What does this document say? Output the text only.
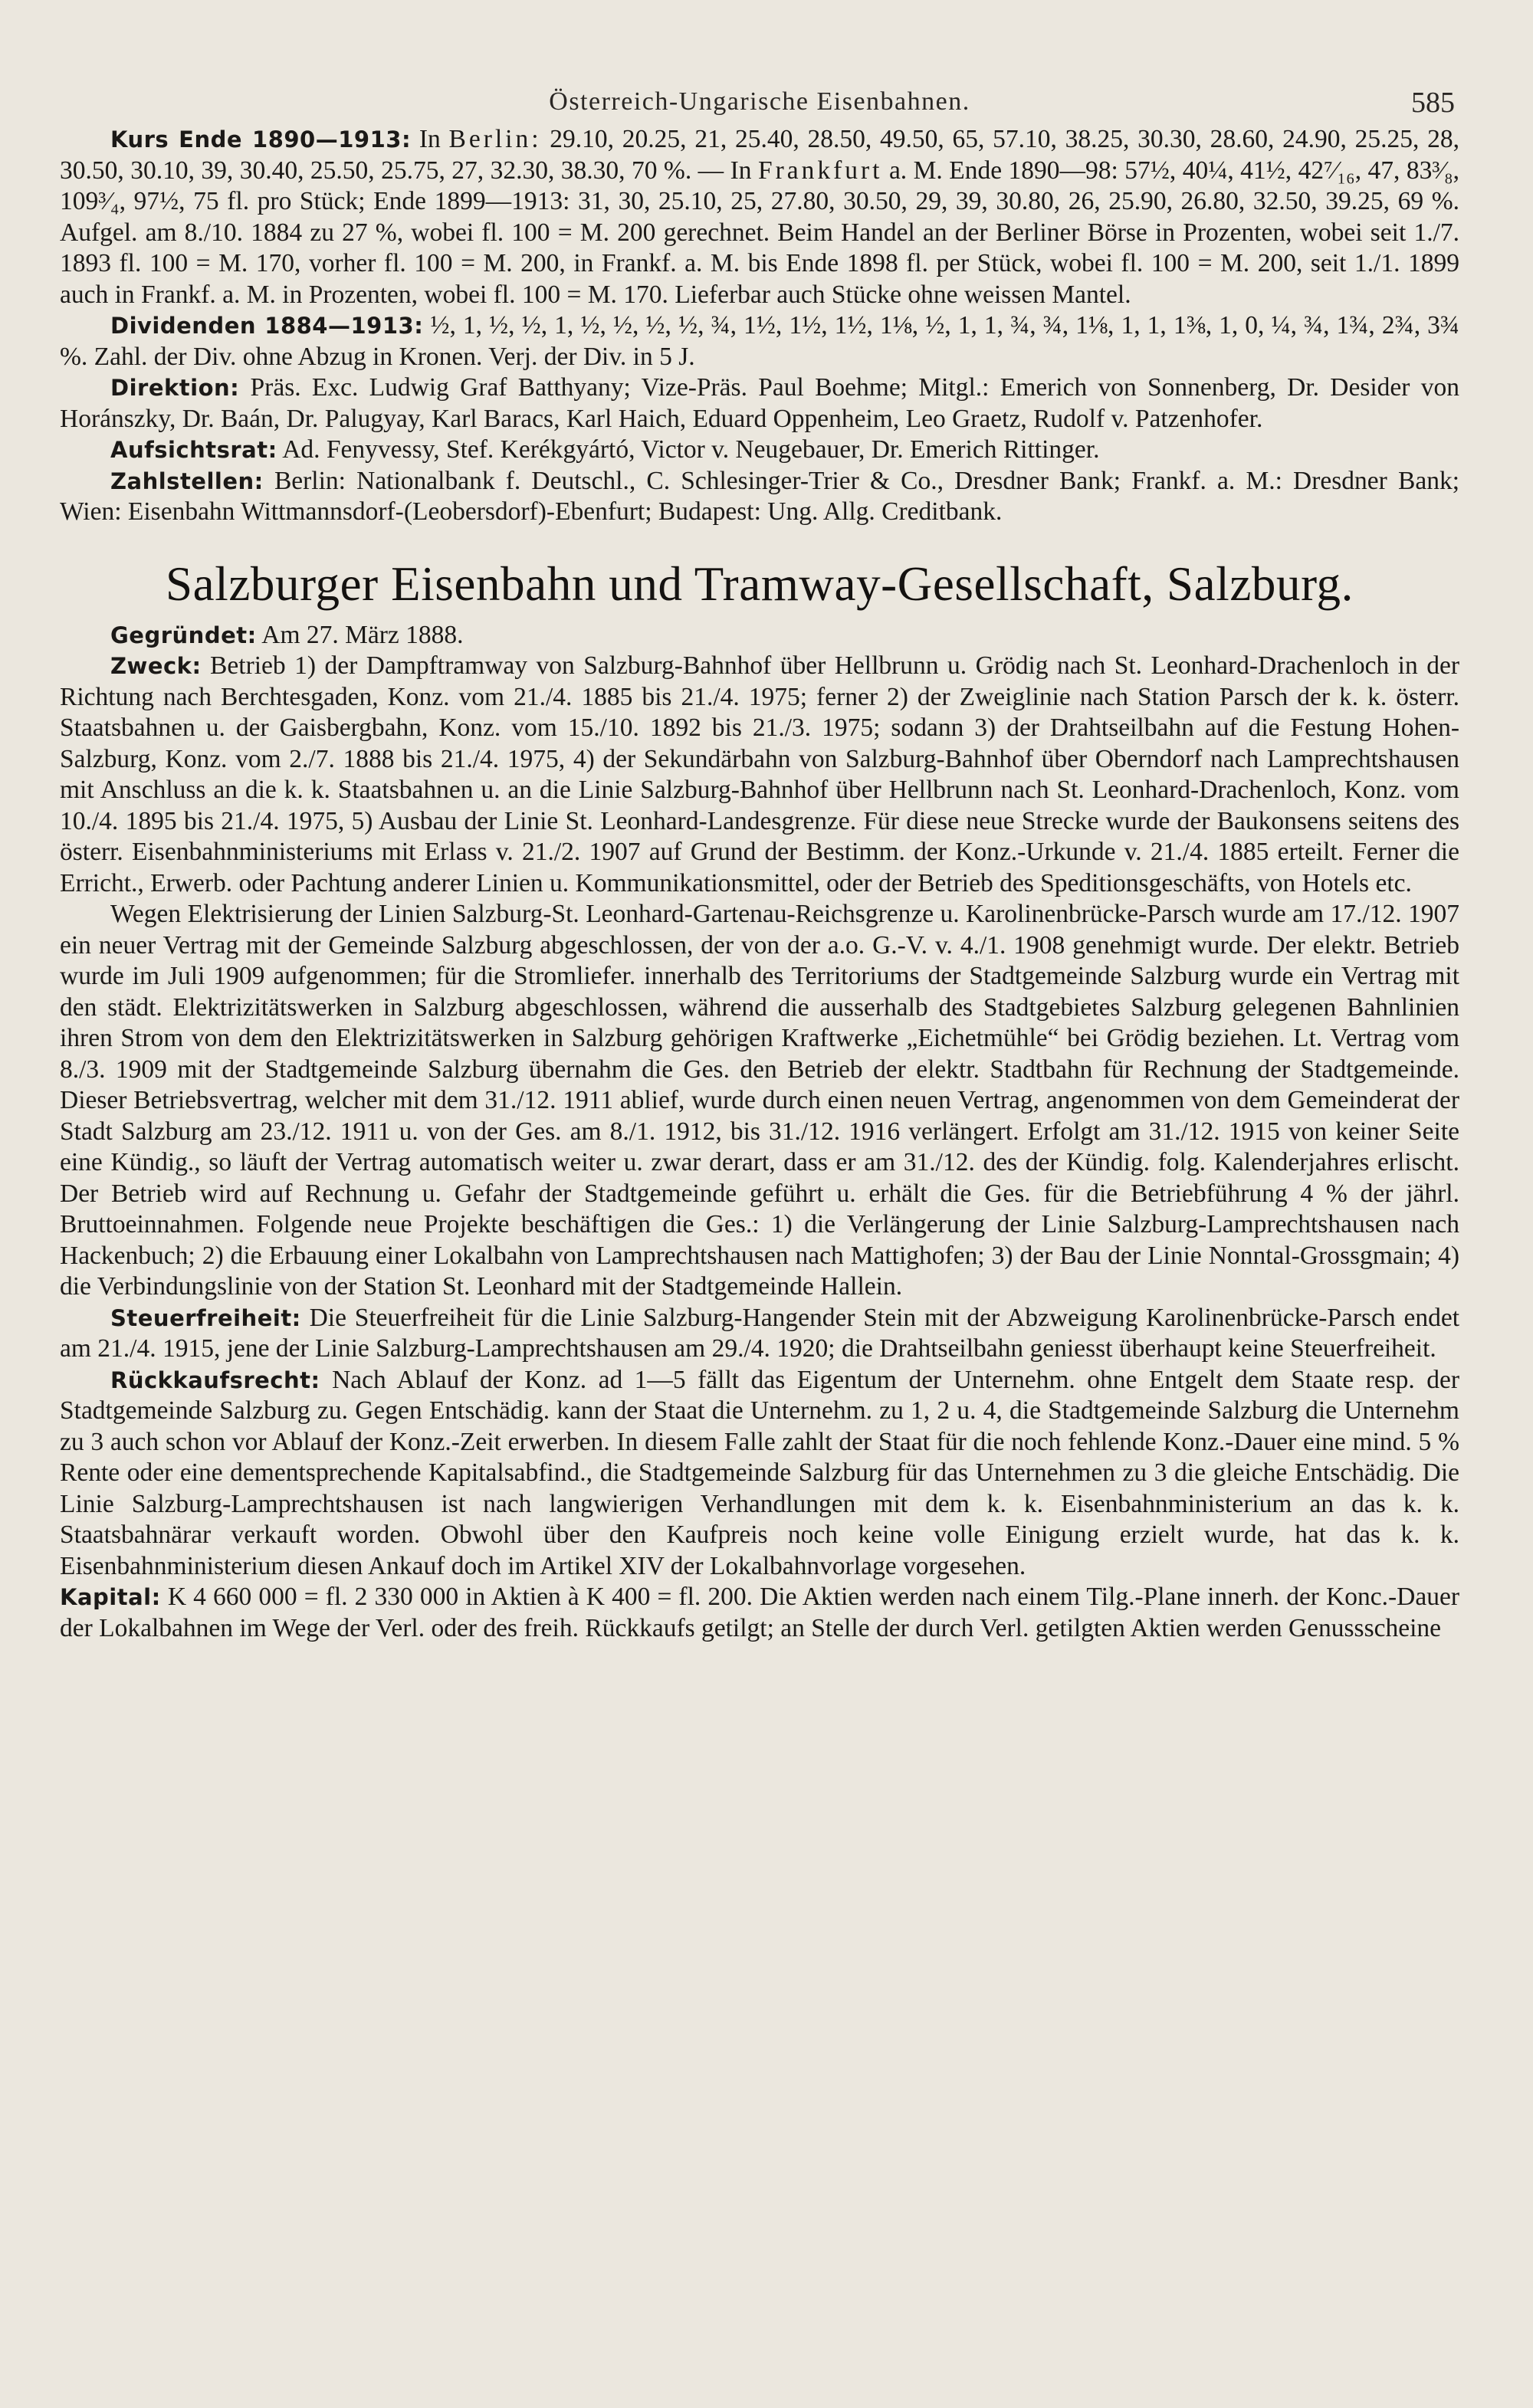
Österreich-Ungarische Eisenbahnen.	585

Kurs Ende 1890—1913: In Berlin: 29.10, 20.25, 21, 25.40, 28.50, 49.50, 65, 57.10, 38.25, 30.30, 28.60, 24.90, 25.25, 28, 30.50, 30.10, 39, 30.40, 25.50, 25.75, 27, 32.30, 38.30, 70 %. — In Frankfurt a. M. Ende 1890—98: 57½, 40¼, 41½, 42⁷⁄₁₆, 47, 83³⁄₈, 109³⁄₄, 97½, 75 fl. pro Stück; Ende 1899—1913: 31, 30, 25.10, 25, 27.80, 30.50, 29, 39, 30.80, 26, 25.90, 26.80, 32.50, 39.25, 69 %. Aufgel. am 8./10. 1884 zu 27 %, wobei fl. 100 = M. 200 gerechnet. Beim Handel an der Berliner Börse in Prozenten, wobei seit 1./7. 1893 fl. 100 = M. 170, vorher fl. 100 = M. 200, in Frankf. a. M. bis Ende 1898 fl. per Stück, wobei fl. 100 = M. 200, seit 1./1. 1899 auch in Frankf. a. M. in Prozenten, wobei fl. 100 = M. 170. Lieferbar auch Stücke ohne weissen Mantel.

Dividenden 1884—1913: ½, 1, ½, ½, 1, ½, ½, ½, ½, ¾, 1½, 1½, 1½, 1⅛, ½, 1, 1, ¾, ¾, 1⅛, 1, 1, 1⅜, 1, 0, ¼, ¾, 1¾, 2¾, 3¾ %. Zahl. der Div. ohne Abzug in Kronen. Verj. der Div. in 5 J.

Direktion: Präs. Exc. Ludwig Graf Batthyany; Vize-Präs. Paul Boehme; Mitgl.: Emerich von Sonnenberg, Dr. Desider von Horánszky, Dr. Baán, Dr. Palugyay, Karl Baracs, Karl Haich, Eduard Oppenheim, Leo Graetz, Rudolf v. Patzenhofer.

Aufsichtsrat: Ad. Fenyvessy, Stef. Kerékgyártó, Victor v. Neugebauer, Dr. Emerich Rittinger.

Zahlstellen: Berlin: Nationalbank f. Deutschl., C. Schlesinger-Trier & Co., Dresdner Bank; Frankf. a. M.: Dresdner Bank; Wien: Eisenbahn Wittmannsdorf-(Leobersdorf)-Ebenfurt; Budapest: Ung. Allg. Creditbank.

Salzburger Eisenbahn und Tramway-Gesellschaft, Salzburg.

Gegründet: Am 27. März 1888.

Zweck: Betrieb 1) der Dampftramway von Salzburg-Bahnhof über Hellbrunn u. Grödig nach St. Leonhard-Drachenloch in der Richtung nach Berchtesgaden, Konz. vom 21./4. 1885 bis 21./4. 1975; ferner 2) der Zweiglinie nach Station Parsch der k. k. österr. Staatsbahnen u. der Gaisbergbahn, Konz. vom 15./10. 1892 bis 21./3. 1975; sodann 3) der Drahtseilbahn auf die Festung Hohen-Salzburg, Konz. vom 2./7. 1888 bis 21./4. 1975, 4) der Sekundärbahn von Salzburg-Bahnhof über Oberndorf nach Lamprechtshausen mit Anschluss an die k. k. Staatsbahnen u. an die Linie Salzburg-Bahnhof über Hellbrunn nach St. Leonhard-Drachenloch, Konz. vom 10./4. 1895 bis 21./4. 1975, 5) Ausbau der Linie St. Leonhard-Landesgrenze. Für diese neue Strecke wurde der Baukonsens seitens des österr. Eisenbahnministeriums mit Erlass v. 21./2. 1907 auf Grund der Bestimm. der Konz.-Urkunde v. 21./4. 1885 erteilt. Ferner die Erricht., Erwerb. oder Pachtung anderer Linien u. Kommunikationsmittel, oder der Betrieb des Speditionsgeschäfts, von Hotels etc.

Wegen Elektrisierung der Linien Salzburg-St. Leonhard-Gartenau-Reichsgrenze u. Karolinenbrücke-Parsch wurde am 17./12. 1907 ein neuer Vertrag mit der Gemeinde Salzburg abgeschlossen, der von der a.o. G.-V. v. 4./1. 1908 genehmigt wurde. Der elektr. Betrieb wurde im Juli 1909 aufgenommen; für die Stromliefer. innerhalb des Territoriums der Stadtgemeinde Salzburg wurde ein Vertrag mit den städt. Elektrizitätswerken in Salzburg abgeschlossen, während die ausserhalb des Stadtgebietes Salzburg gelegenen Bahnlinien ihren Strom von dem den Elektrizitätswerken in Salzburg gehörigen Kraftwerke „Eichetmühle“ bei Grödig beziehen. Lt. Vertrag vom 8./3. 1909 mit der Stadtgemeinde Salzburg übernahm die Ges. den Betrieb der elektr. Stadtbahn für Rechnung der Stadtgemeinde. Dieser Betriebsvertrag, welcher mit dem 31./12. 1911 ablief, wurde durch einen neuen Vertrag, angenommen von dem Gemeinderat der Stadt Salzburg am 23./12. 1911 u. von der Ges. am 8./1. 1912, bis 31./12. 1916 verlängert. Erfolgt am 31./12. 1915 von keiner Seite eine Kündig., so läuft der Vertrag automatisch weiter u. zwar derart, dass er am 31./12. des der Kündig. folg. Kalenderjahres erlischt. Der Betrieb wird auf Rechnung u. Gefahr der Stadtgemeinde geführt u. erhält die Ges. für die Betriebführung 4 % der jährl. Bruttoeinnahmen. Folgende neue Projekte beschäftigen die Ges.: 1) die Verlängerung der Linie Salzburg-Lamprechtshausen nach Hackenbuch; 2) die Erbauung einer Lokalbahn von Lamprechtshausen nach Mattighofen; 3) der Bau der Linie Nonntal-Grossgmain; 4) die Verbindungslinie von der Station St. Leonhard mit der Stadtgemeinde Hallein.

Steuerfreiheit: Die Steuerfreiheit für die Linie Salzburg-Hangender Stein mit der Abzweigung Karolinenbrücke-Parsch endet am 21./4. 1915, jene der Linie Salzburg-Lamprechtshausen am 29./4. 1920; die Drahtseilbahn geniesst überhaupt keine Steuerfreiheit.

Rückkaufsrecht: Nach Ablauf der Konz. ad 1—5 fällt das Eigentum der Unternehm. ohne Entgelt dem Staate resp. der Stadtgemeinde Salzburg zu. Gegen Entschädig. kann der Staat die Unternehm. zu 1, 2 u. 4, die Stadtgemeinde Salzburg die Unternehm zu 3 auch schon vor Ablauf der Konz.-Zeit erwerben. In diesem Falle zahlt der Staat für die noch fehlende Konz.-Dauer eine mind. 5 % Rente oder eine dementsprechende Kapitalsabfind., die Stadtgemeinde Salzburg für das Unternehmen zu 3 die gleiche Entschädig. Die Linie Salzburg-Lamprechtshausen ist nach langwierigen Verhandlungen mit dem k. k. Eisenbahnministerium an das k. k. Staatsbahnärar verkauft worden. Obwohl über den Kaufpreis noch keine volle Einigung erzielt wurde, hat das k. k. Eisenbahnministerium diesen Ankauf doch im Artikel XIV der Lokalbahnvorlage vorgesehen.

Kapital: K 4 660 000 = fl. 2 330 000 in Aktien à K 400 = fl. 200. Die Aktien werden nach einem Tilg.-Plane innerh. der Konc.-Dauer der Lokalbahnen im Wege der Verl. oder des freih. Rückkaufs getilgt; an Stelle der durch Verl. getilgten Aktien werden Genussscheine
